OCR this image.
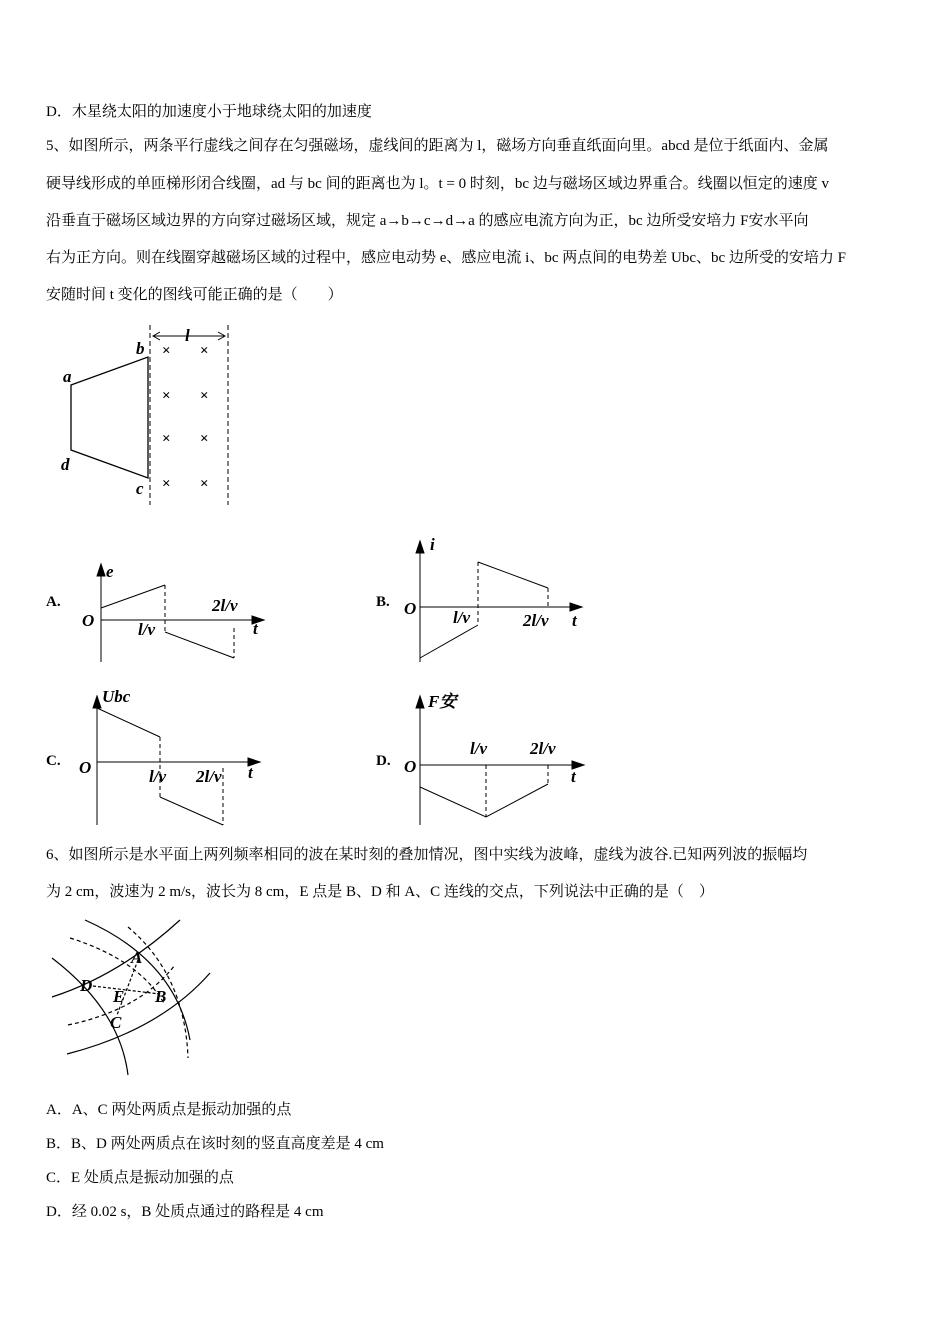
D．木星绕太阳的加速度小于地球绕太阳的加速度
5、如图所示，两条平行虚线之间存在匀强磁场，虚线间的距离为 l，磁场方向垂直纸面向里。abcd 是位于纸面内、金属
硬导线形成的单匝梯形闭合线圈，ad 与 bc 间的距离也为 l。t = 0 时刻，bc 边与磁场区域边界重合。线圈以恒定的速度 v
沿垂直于磁场区域边界的方向穿过磁场区域，规定 a→b→c→d→a 的感应电流方向为正，bc 边所受安培力 F安水平向
右为正方向。则在线圈穿越磁场区域的过程中，感应电动势 e、感应电流 i、bc 两点间的电势差 Ubc、bc 边所受的安培力 F
安随时间 t 变化的图线可能正确的是（　　）
6、如图所示是水平面上两列频率相同的波在某时刻的叠加情况，图中实线为波峰，虚线为波谷.已知两列波的振幅均
为 2 cm，波速为 2 m/s，波长为 8 cm，E 点是 B、D 和 A、C 连线的交点，下列说法中正确的是（　）
A．A、C 两处两质点是振动加强的点
B．B、D 两处两质点在该时刻的竖直高度差是 4 cm
C．E 处质点是振动加强的点
D．经 0.02 s，B 处质点通过的路程是 4 cm
l
a
b
c
d
× ×
× ×
× ×
× ×
A.
e
O	l/v
2l/v
t
B.
i
O l/v	2l/v t
C.
Ubc
O	l/v 2l/v t
D.
F安
O
l/v	2l/v
t
A
D
E B
C
